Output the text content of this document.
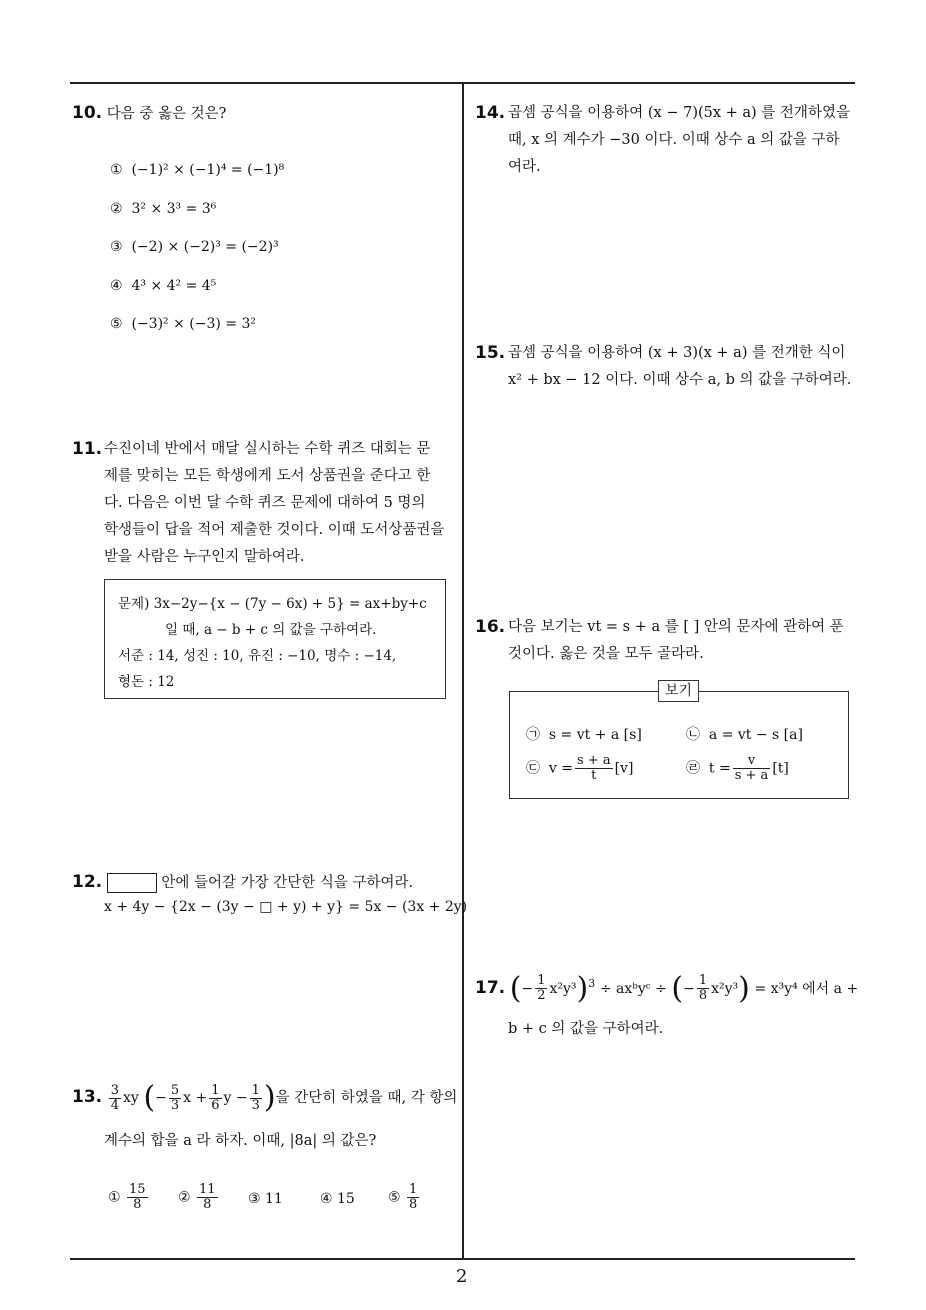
10. 다음 중 옳은 것은?
① (−1)² × (−1)⁴ = (−1)⁸
② 3² × 3³ = 3⁶
③ (−2) × (−2)³ = (−2)³
④ 4³ × 4² = 4⁵
⑤ (−3)² × (−3) = 3²
11. 수진이네 반에서 매달 실시하는 수학 퀴즈 대회는 문
제를 맞히는 모든 학생에게 도서 상품권을 준다고 한
다. 다음은 이번 달 수학 퀴즈 문제에 대하여 5 명의
학생들이 답을 적어 제출한 것이다. 이때 도서상품권을
받을 사람은 누구인지 말하여라.
문제) 3x−2y−{x − (7y − 6x) + 5} = ax+by+c
일 때, a − b + c 의 값을 구하여라.
서준 : 14, 성진 : 10, 유진 : −10, 명수 : −14,
형돈 : 12
12.	안에 들어갈 가장 간단한 식을 구하여라.
x + 4y − {2x − (3y − □ + y) + y} = 5x − (3x + 2y)
13. $\frac{3}{4}$ xy (− $\frac{5}{3}$ $x + \frac{1}{6}$ $y - \frac{1}{3}$ )을 간단히 하였을 때, 각 항의
계수의 합을 a 라 하자. 이때, |8a| 의 값은?
① $\frac{15}{8}$ ② $\frac{11}{8}$ ③ 11	④ 15 ⑤ $\frac{1}{8}$
14. 곱셈 공식을 이용하여 (x − 7)(5x + a) 를 전개하였을
때, x 의 계수가 −30 이다. 이때 상수 a 의 값을 구하
여라.
15. 곱셈 공식을 이용하여 (x + 3)(x + a) 를 전개한 식이
x² + bx − 12 이다. 이때 상수 a, b 의 값을 구하여라.
16. 다음 보기는 vt = s + a 를 [ ] 안의 문자에 관하여 푼
것이다. 옳은 것을 모두 골라라.
보기
㉠ s = vt + a [s]	㉡ a = vt − s [a]
㉢ $v = \frac{s + a}{t} [v]$	㉣ $t = \frac{v}{s + a} [t]$
17. (− $\frac{1}{2} x^2y^3)^3$ ÷ axᵇyᶜ ÷ (− $\frac{1}{8} x^2y^3) = x^3y^4$ 에서 a +
b + c 의 값을 구하여라.
2
